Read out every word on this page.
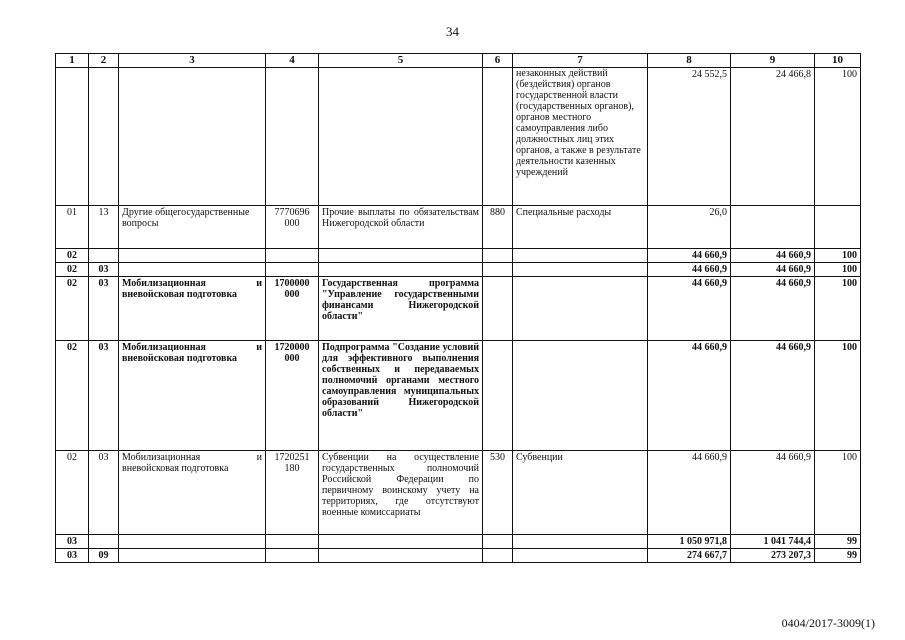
34
1	2	3	4	5	6	7	8	9	10
						незаконных действий (бездействия) органов государственной власти (государственных органов), органов местного самоуправления либо должностных лиц этих органов, а также в результате деятельности казенных учреждений	24 552,5	24 466,8	100
01	13	Другие общегосударственные вопросы	7770696 000	Прочие выплаты по обязательствам Нижегородской области	880	Специальные расходы	26,0		
02							44 660,9	44 660,9	100
02	03						44 660,9	44 660,9	100
02	03	Мобилизационная и вневойсковая подготовка	1700000 000	Государственная программа "Управление государственными финансами Нижегородской области"			44 660,9	44 660,9	100
02	03	Мобилизационная и вневойсковая подготовка	1720000 000	Подпрограмма "Создание условий для эффективного выполнения собственных и передаваемых полномочий органами местного самоуправления муниципальных образований Нижегородской области"			44 660,9	44 660,9	100
02	03	Мобилизационная и вневойсковая подготовка	1720251 180	Субвенции на осуществление государственных полномочий Российской Федерации по первичному воинскому учету на территориях, где отсутствуют военные комиссариаты	530	Субвенции	44 660,9	44 660,9	100
03							1 050 971,8	1 041 744,4	99
03	09						274 667,7	273 207,3	99
0404/2017-3009(1)
